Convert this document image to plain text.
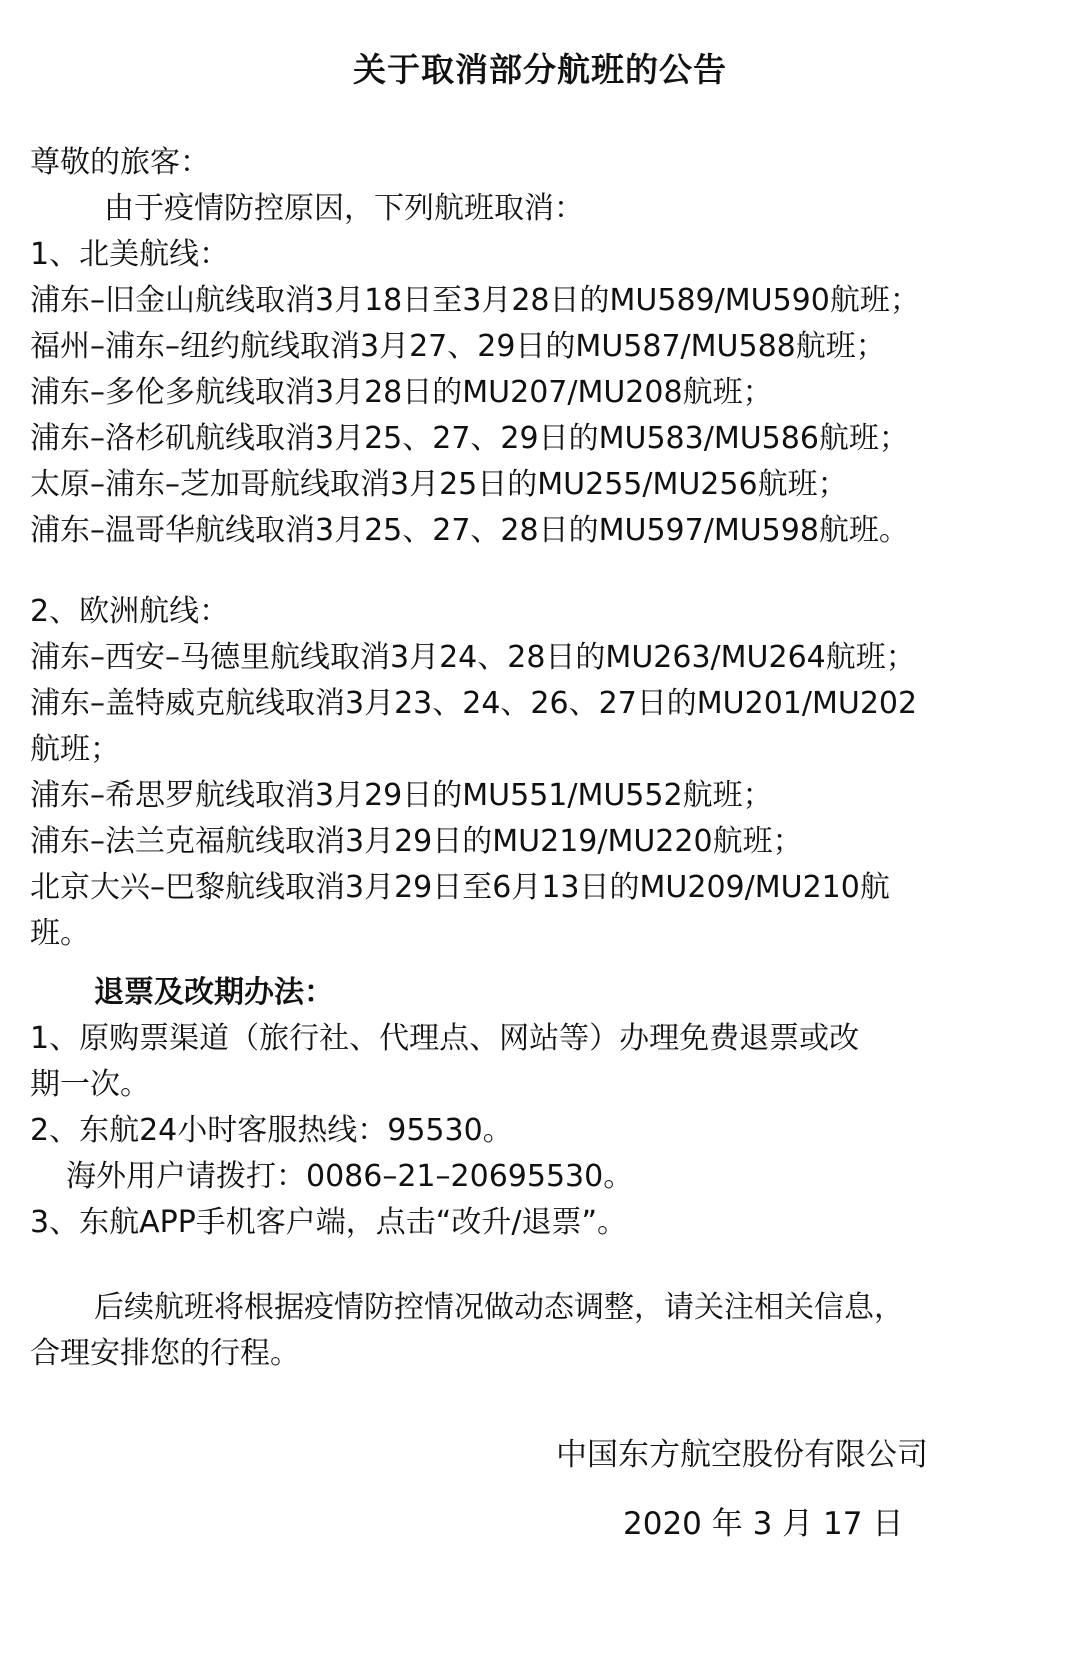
关于取消部分航班的公告
尊敬的旅客：
由于疫情防控原因，下列航班取消：
1、北美航线：
浦东–旧金山航线取消3月18日至3月28日的MU589/MU590航班；
福州–浦东–纽约航线取消3月27、29日的MU587/MU588航班；
浦东–多伦多航线取消3月28日的MU207/MU208航班；
浦东–洛杉矶航线取消3月25、27、29日的MU583/MU586航班；
太原–浦东–芝加哥航线取消3月25日的MU255/MU256航班；
浦东–温哥华航线取消3月25、27、28日的MU597/MU598航班。
2、欧洲航线：
浦东–西安–马德里航线取消3月24、28日的MU263/MU264航班；
浦东–盖特威克航线取消3月23、24、26、27日的MU201/MU202
航班；
浦东–希思罗航线取消3月29日的MU551/MU552航班；
浦东–法兰克福航线取消3月29日的MU219/MU220航班；
北京大兴–巴黎航线取消3月29日至6月13日的MU209/MU210航
班。
退票及改期办法：
1、原购票渠道（旅行社、代理点、网站等）办理免费退票或改
期一次。
2、东航24小时客服热线：95530。
海外用户请拨打：0086–21–20695530。
3、东航APP手机客户端，点击“改升/退票”。
后续航班将根据疫情防控情况做动态调整，请关注相关信息，
合理安排您的行程。
中国东方航空股份有限公司
2020 年 3 月 17 日
